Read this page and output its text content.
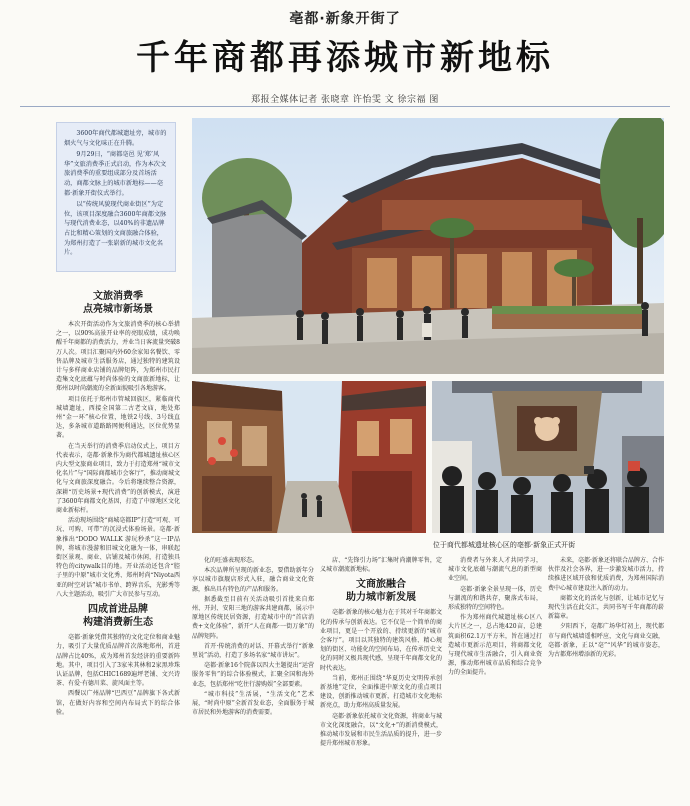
亳都·新象开街了
千年商都再添城市新地标
郑报全媒体记者 张晓章 许怡雯 文 徐宗福 图

3600年商代都城遗址旁，城市的烟火气与文化味正在升腾。

9月29日，“商都亳邑 见‘郑’风华”文旅消费季正式启动，作为本次文旅消费季的重要组成部分及首场活动，商都文脉上的城市新地标——亳都·新象开街仪式举行。

以“传统风貌现代商业街区”为定位，该项目深度融合3600年商都文脉与现代消费业态，以40%的非遗品牌占比和精心策划的文商旅融合体验，为郑州打造了一张崭新的城市文化名片。

文旅消费季
点亮城市新场景

本次开街活动作为文旅消费季的核心举措之一，以90%高景开业率的亮眼成绩，成功唤醒千年商都的消费活力，并业当日客流量突破8万人次。项目汇聚国内外60余家知名餐饮、零售品牌及城市生活服务店，通过独特的建筑设计与多样商业店铺的品牌矩阵，为郑州市民打造集文化底蕴与时尚体验的文商旅新地标，让郑州以时尚潮流的全新面貌吸引各地游客。

项目依托于郑州市管城回族区，紧临商代城墙遗址，西接全国第二古老文庙，地处郑州“金一环”核心位置，地铁2号线、3号线直达，多条城市道路路网便利通达，区位优势显著。

在当天举行的消费季启动仪式上，项目方代表表示，亳都·新象作为商代都城遗址核心区内大型文旅商业项目，致力于打造郑州“城市文化名片”与“国际商都城市会客厅”，推动商城文化与文商旅深度融合。今后将继续整合资源，深耕“历史场景+现代消费”的创新模式，演进了3600年商都文化基因，打造了中原地区文化商业新标杆。

活动现场围绕“商城亳都IP”打造“可观、可玩、可购、可带”的沉浸式体验场景。亳都·新象推出“DODO WALLK 游玩秒杀”这一IP品牌，将城市漫游和旧城文化融为一体，串联起街区景观、商业、店铺及城市休闲，打造独具特色的citywalk目的地。开业活动还包含“腔子里的中原”城市文化秀、郑州时尚“Niyota西亚的时空对话”城市书单、跨界音乐，光影秀等八大主题活动，吸引广大市民参与互动。

四成首进品牌
构建消费新生态

亳都·新象凭借其独特的文化定位和商业魅力，吸引了大量优质品牌首次落地郑州，首进品牌占比40%，成为郑州首发经济的重要新阵地。其中，项目引入了3家米其林和2家黑珍珠认证品牌，包括CHIC1689遍坪老铺、文兴诗茶、有爱·有德川菜、旋风面主等。

西餐以广州品牌“巴西豆”品牌旗下各式新馆，在做好内容和空间内布局式下的综合体验。

位于商代都城遗址核心区的亳都·新象正式开街

化的旺盛表现形态。

本次品牌所呈现的新业态，要借助新年分享以城市旗舰店形式入驻，融合商业文化资源，推出具有特色的产品和服务。

据悉截至目前有关活动吸引首批来自郑州、开封、安阳三地的游客共建商都，展示中原地区传统民居资源，打造城市中的“首店消费+文化体验”，新开“人在商都·一街万象”的品牌矩阵。

首开·传统消费的对话、开幕式举行“新象里说”活动，打造了多场名家“城市讲坛”。

亳都·新象16个院落以四大主题提出“运营服务零售”的综合体验模式，汇聚全国和海外业态，包括郑州“吃住行游购娱”全部要素。

“城市科技”生活展，“生活文化”艺术展，“时尚中原”全新首发业态，全面服务于城市居民和外地游客的消费需要。

店、“先锋引力场”汇集时尚潮牌零售，定义城市潮流新地标。

文商旅融合
助力城市新发展

亳都·新象的核心魅力在于其对千年商都文化的传承与创新表达。它不仅是一个简单的商业项目，更是一个开放的、持续更新的“城市会客厅”。项目以其独特的建筑风格、精心规划的街区、功能化的空间布局，在传承历史文化的同时又极具现代感，呈现千年商都文化的时代表达。

当前，郑州正围绕“华夏历史文明传承创新基地”定位，全面推进中原文化的重点项目建设，创新推动城市更新，打造城市文化地标新亮点，助力郑州高质量发展。

亳都·新象依托城市文化资源，将商业与城市文化深度融合，以“文化+”的新消费模式，推动城市发展和市民生活品质的提升，进一步提升郑州城市形象。

消费者与外来人才共同学习，城市文化底蕴与潮流气息的新型商业空间。

亳都·新象全景呈现一体，历史与潮流的和谐共存，聚落式布局，形成独特的空间特色。

作为郑州商代城遗址核心区八大片区之一，总占地420亩，总建筑面积62.1万平方米，旨在通过打造城市更新示范项目，将商都文化与现代城市生活融合，引入商业资源，推动郑州城市品质和综合竞争力的全面提升。

未来，亳都·新象还将联合品牌方、合作伙伴及社会各界，进一步激发城市活力，持续推进区域开放和优质消费，为郑州国际消费中心城市建设注入新的动力。

商都文化的活化与创新，让城市记忆与现代生活在此交汇，共同书写千年商都的崭新篇章。

夕阳西下，亳都广场华灯初上，现代都市与商代城墙遥相呼应，文化与商业交融，亳都·新象，正以“亳”“风华”的城市姿态，为古都郑州增添新的光彩。
